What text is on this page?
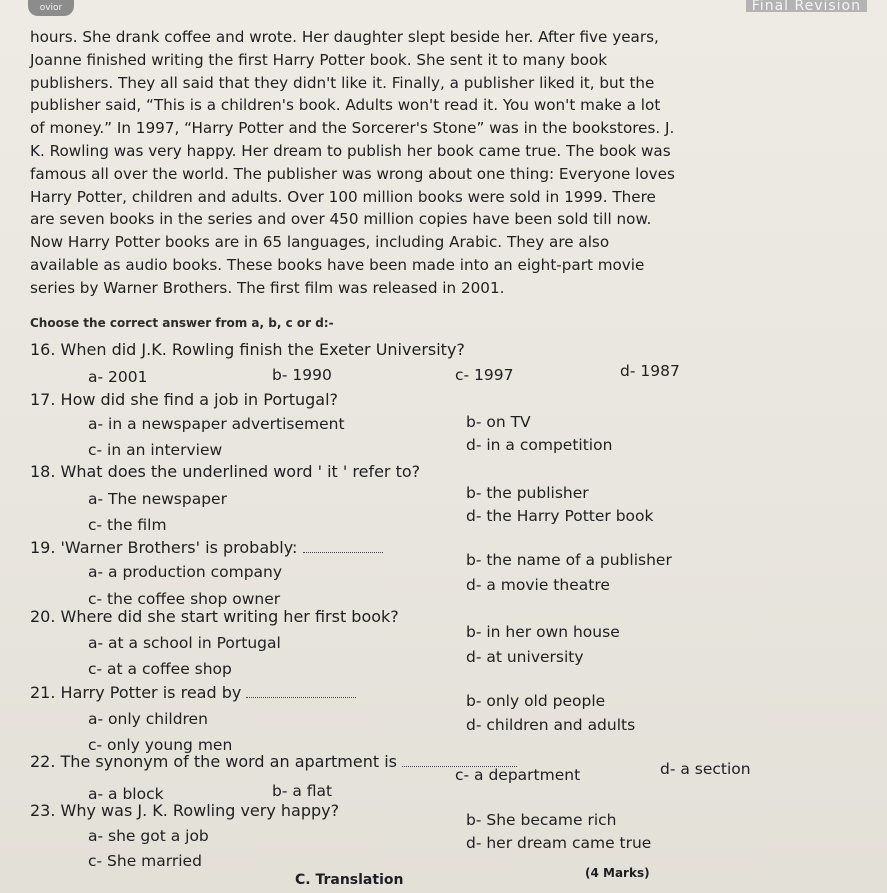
ovior	Final Revision

hours. She drank coffee and wrote. Her daughter slept beside her. After five years,

Joanne finished writing the first Harry Potter book. She sent it to many book

publishers. They all said that they didn't like it. Finally, a publisher liked it, but the

publisher said, “This is a children's book. Adults won't read it. You won't make a lot

of money.” In 1997, “Harry Potter and the Sorcerer's Stone” was in the bookstores. J.

K. Rowling was very happy. Her dream to publish her book came true. The book was

famous all over the world. The publisher was wrong about one thing: Everyone loves

Harry Potter, children and adults. Over 100 million books were sold in 1999. There

are seven books in the series and over 450 million copies have been sold till now.

Now Harry Potter books are in 65 languages, including Arabic. They are also

available as audio books. These books have been made into an eight-part movie

series by Warner Brothers. The first film was released in 2001.

Choose the correct answer from a, b, c or d:-
16. When did J.K. Rowling finish the Exeter University?
a- 2001	b- 1990	c- 1997	d- 1987
17. How did she find a job in Portugal?
a- in a newspaper advertisement	b- on TV
c- in an interview	d- in a competition
18. What does the underlined word ' it ' refer to?
a- The newspaper	b- the publisher
c- the film	d- the Harry Potter book
19. 'Warner Brothers' is probably:
a- a production company
b- the name of a publisher
c- the coffee shop owner
d- a movie theatre
20. Where did she start writing her first book?
a- at a school in Portugal
b- in her own house
c- at a coffee shop
d- at university
21. Harry Potter is read by
a- only children
b- only old people
c- only young men
d- children and adults
22. The synonym of the word an apartment is
a- a block	b- a flat
c- a department	d- a section
23. Why was J. K. Rowling very happy?
a- she got a job
b- She became rich
c- She married
d- her dream came true
C. Translation	(4 Marks)
